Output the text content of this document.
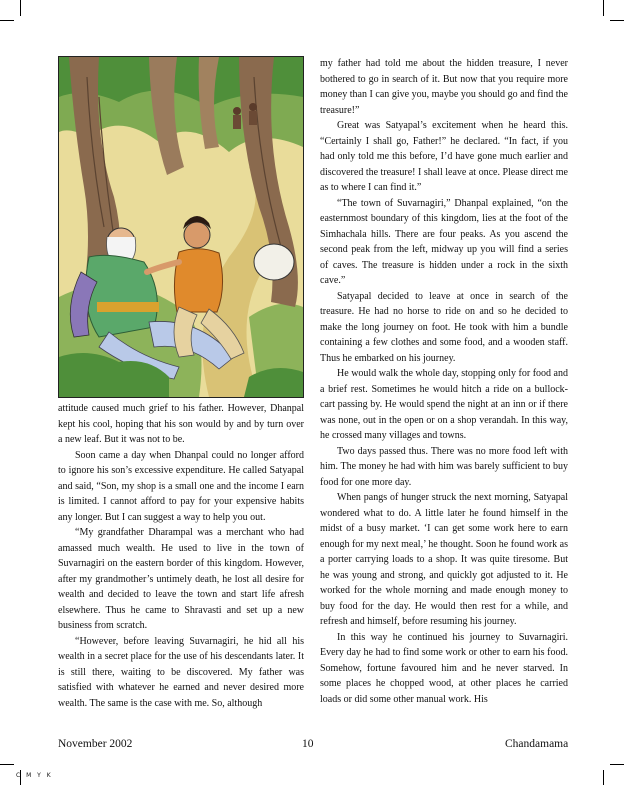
attitude caused much grief to his father. However, Dhanpal kept his cool, hoping that his son would by and by turn over a new leaf. But it was not to be.

Soon came a day when Dhanpal could no longer afford to ignore his son’s excessive expenditure. He called Satyapal and said, “Son, my shop is a small one and the income I earn is limited. I cannot afford to pay for your expensive habits any longer. But I can suggest a way to help you out.

“My grandfather Dharampal was a merchant who had amassed much wealth. He used to live in the town of Suvarnagiri on the eastern border of this kingdom. However, after my grandmother’s untimely death, he lost all desire for wealth and decided to leave the town and start life afresh elsewhere. Thus he came to Shravasti and set up a new business from scratch.

“However, before leaving Suvarnagiri, he hid all his wealth in a secret place for the use of his descendants later. It is still there, waiting to be discovered. My father was satisfied with whatever he earned and never desired more wealth. The same is the case with me. So, although

my father had told me about the hidden treasure, I never bothered to go in search of it. But now that you require more money than I can give you, maybe you should go and find the treasure!”

Great was Satyapal’s excitement when he heard this. “Certainly I shall go, Father!” he declared. “In fact, if you had only told me this before, I’d have gone much earlier and discovered the treasure! I shall leave at once. Please direct me as to where I can find it.”

“The town of Suvarnagiri,” Dhanpal explained, “on the easternmost boundary of this kingdom, lies at the foot of the Simhachala hills. There are four peaks. As you ascend the second peak from the left, midway up you will find a series of caves. The treasure is hidden under a rock in the sixth cave.”

Satyapal decided to leave at once in search of the treasure. He had no horse to ride on and so he decided to make the long journey on foot. He took with him a bundle containing a few clothes and some food, and a wooden staff. Thus he embarked on his journey.

He would walk the whole day, stopping only for food and a brief rest. Sometimes he would hitch a ride on a bullock-cart passing by. He would spend the night at an inn or if there was none, out in the open or on a shop verandah. In this way, he crossed many villages and towns.

Two days passed thus. There was no more food left with him. The money he had with him was barely sufficient to buy food for one more day.

When pangs of hunger struck the next morning, Satyapal wondered what to do. A little later he found himself in the midst of a busy market. ‘I can get some work here to earn enough for my next meal,’ he thought. Soon he found work as a porter carrying loads to a shop. It was quite tiresome. But he was young and strong, and quickly got adjusted to it. He worked for the whole morning and made enough money to buy food for the day. He would then rest for a while, and refresh and himself, before resuming his journey.

In this way he continued his journey to Suvarnagiri. Every day he had to find some work or other to earn his food. Somehow, fortune favoured him and he never starved. In some places he chopped wood, at other places he carried loads or did some other manual work. His

November 2002	10	Chandamama
C M Y K
